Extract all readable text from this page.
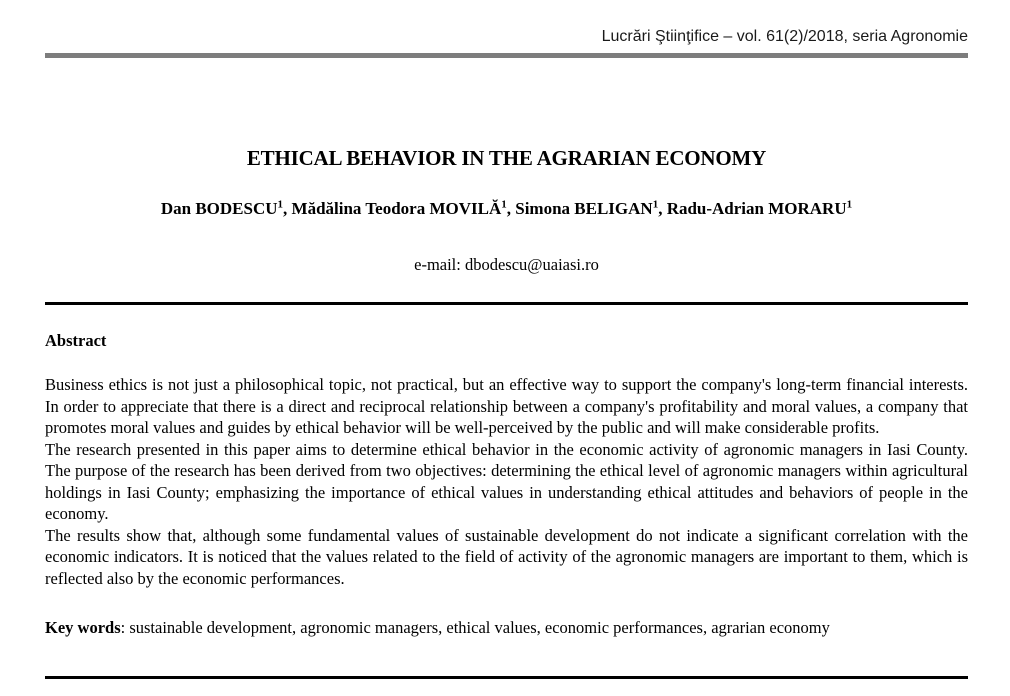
Lucrări Ştiinţifice – vol. 61(2)/2018, seria Agronomie
ETHICAL BEHAVIOR IN THE AGRARIAN ECONOMY
Dan BODESCU$^1$, Mădălina Teodora MOVILĂ$^1$, Simona BELIGAN$^1$, Radu-Adrian MORARU$^1$
e-mail: dbodescu@uaiasi.ro
Abstract

Business ethics is not just a philosophical topic, not practical, but an effective way to support the company's long-term financial interests. In order to appreciate that there is a direct and reciprocal relationship between a company's profitability and moral values, a company that promotes moral values and guides by ethical behavior will be well-perceived by the public and will make considerable profits.

The research presented in this paper aims to determine ethical behavior in the economic activity of agronomic managers in Iasi County. The purpose of the research has been derived from two objectives: determining the ethical level of agronomic managers within agricultural holdings in Iasi County; emphasizing the importance of ethical values in understanding ethical attitudes and behaviors of people in the economy.

The results show that, although some fundamental values of sustainable development do not indicate a significant correlation with the economic indicators. It is noticed that the values related to the field of activity of the agronomic managers are important to them, which is reflected also by the economic performances.

Key words: sustainable development, agronomic managers, ethical values, economic performances, agrarian economy
